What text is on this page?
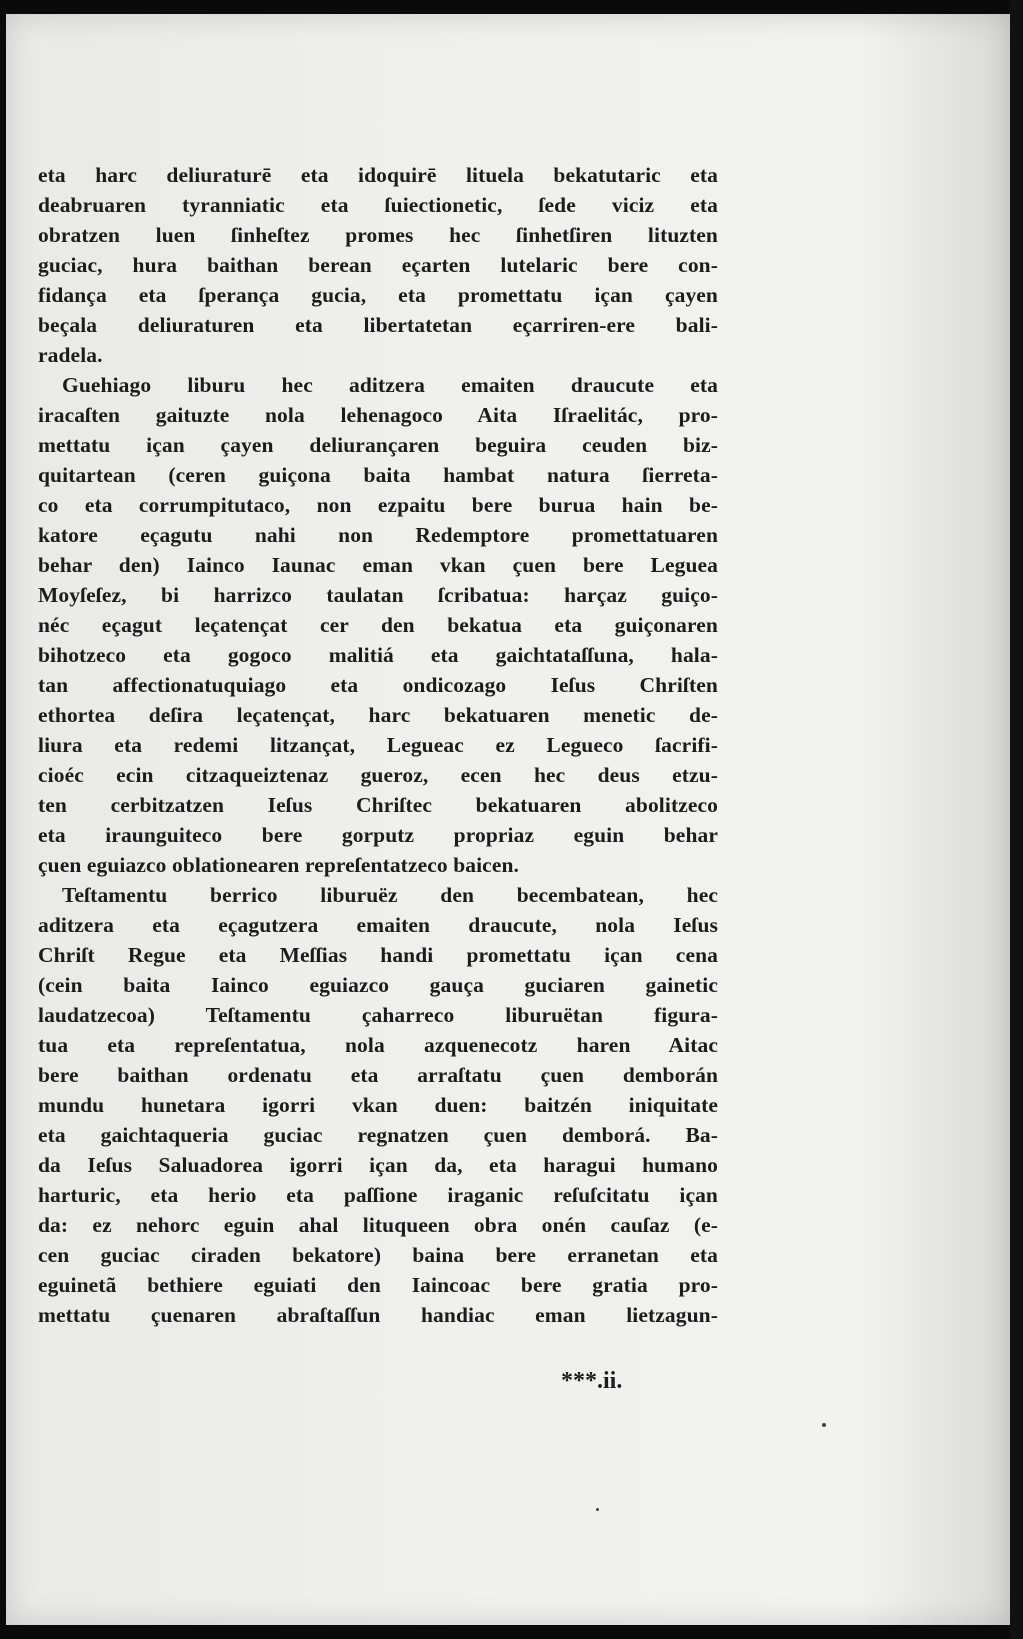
eta harc deliuraturē eta idoquirē lituela bekatutaric eta
deabruaren tyranniatic eta ſuiectionetic, ſede viciz eta
obratzen luen ſinheſtez promes hec ſinhetſiren lituzten
guciac, hura baithan berean eçarten lutelaric bere con-
fidança eta ſperança gucia, eta promettatu içan çayen
beçala deliuraturen eta libertatetan eçarriren-ere bali-
radela.
Guehiago liburu hec aditzera emaiten draucute eta
iracaſten gaituzte nola lehenagoco Aita Iſraelitác, pro-
mettatu içan çayen deliurançaren beguira ceuden biz-
quitartean (ceren guiçona baita hambat natura ſierreta-
co eta corrumpitutaco, non ezpaitu bere burua hain be-
katore eçagutu nahi non Redemptore promettatuaren
behar den) Iainco Iaunac eman vkan çuen bere Leguea
Moyſeſez, bi harrizco taulatan ſcribatua: harçaz guiço-
néc eçagut leçatençat cer den bekatua eta guiçonaren
bihotzeco eta gogoco malitiá eta gaichtataſſuna, hala-
tan affectionatuquiago eta ondicozago Ieſus Chriſten
ethortea deſira leçatençat, harc bekatuaren menetic de-
liura eta redemi litzançat, Legueac ez Legueco ſacrifi-
cioéc ecin citzaqueiztenaz gueroz, ecen hec deus etzu-
ten cerbitzatzen Ieſus Chriſtec bekatuaren abolitzeco
eta iraunguiteco bere gorputz propriaz eguin behar
çuen eguiazco oblationearen repreſentatzeco baicen.
Teſtamentu berrico liburuëz den becembatean, hec
aditzera eta eçagutzera emaiten draucute, nola Ieſus
Chriſt Regue eta Meſſias handi promettatu içan cena
(cein baita Iainco eguiazco gauça guciaren gainetic
laudatzecoa) Teſtamentu çaharreco liburuëtan figura-
tua eta repreſentatua, nola azquenecotz haren Aitac
bere baithan ordenatu eta arraſtatu çuen demborán
mundu hunetara igorri vkan duen: baitzén iniquitate
eta gaichtaqueria guciac regnatzen çuen demborá. Ba-
da Ieſus Saluadorea igorri içan da, eta haragui humano
harturic, eta herio eta paſſione iraganic reſuſcitatu içan
da: ez nehorc eguin ahal lituqueen obra onén cauſaz (e-
cen guciac ciraden bekatore) baina bere erranetan eta
eguinetã bethiere eguiati den Iaincoac bere gratia pro-
mettatu çuenaren abraſtaſſun handiac eman lietzagun-
***.ii.
